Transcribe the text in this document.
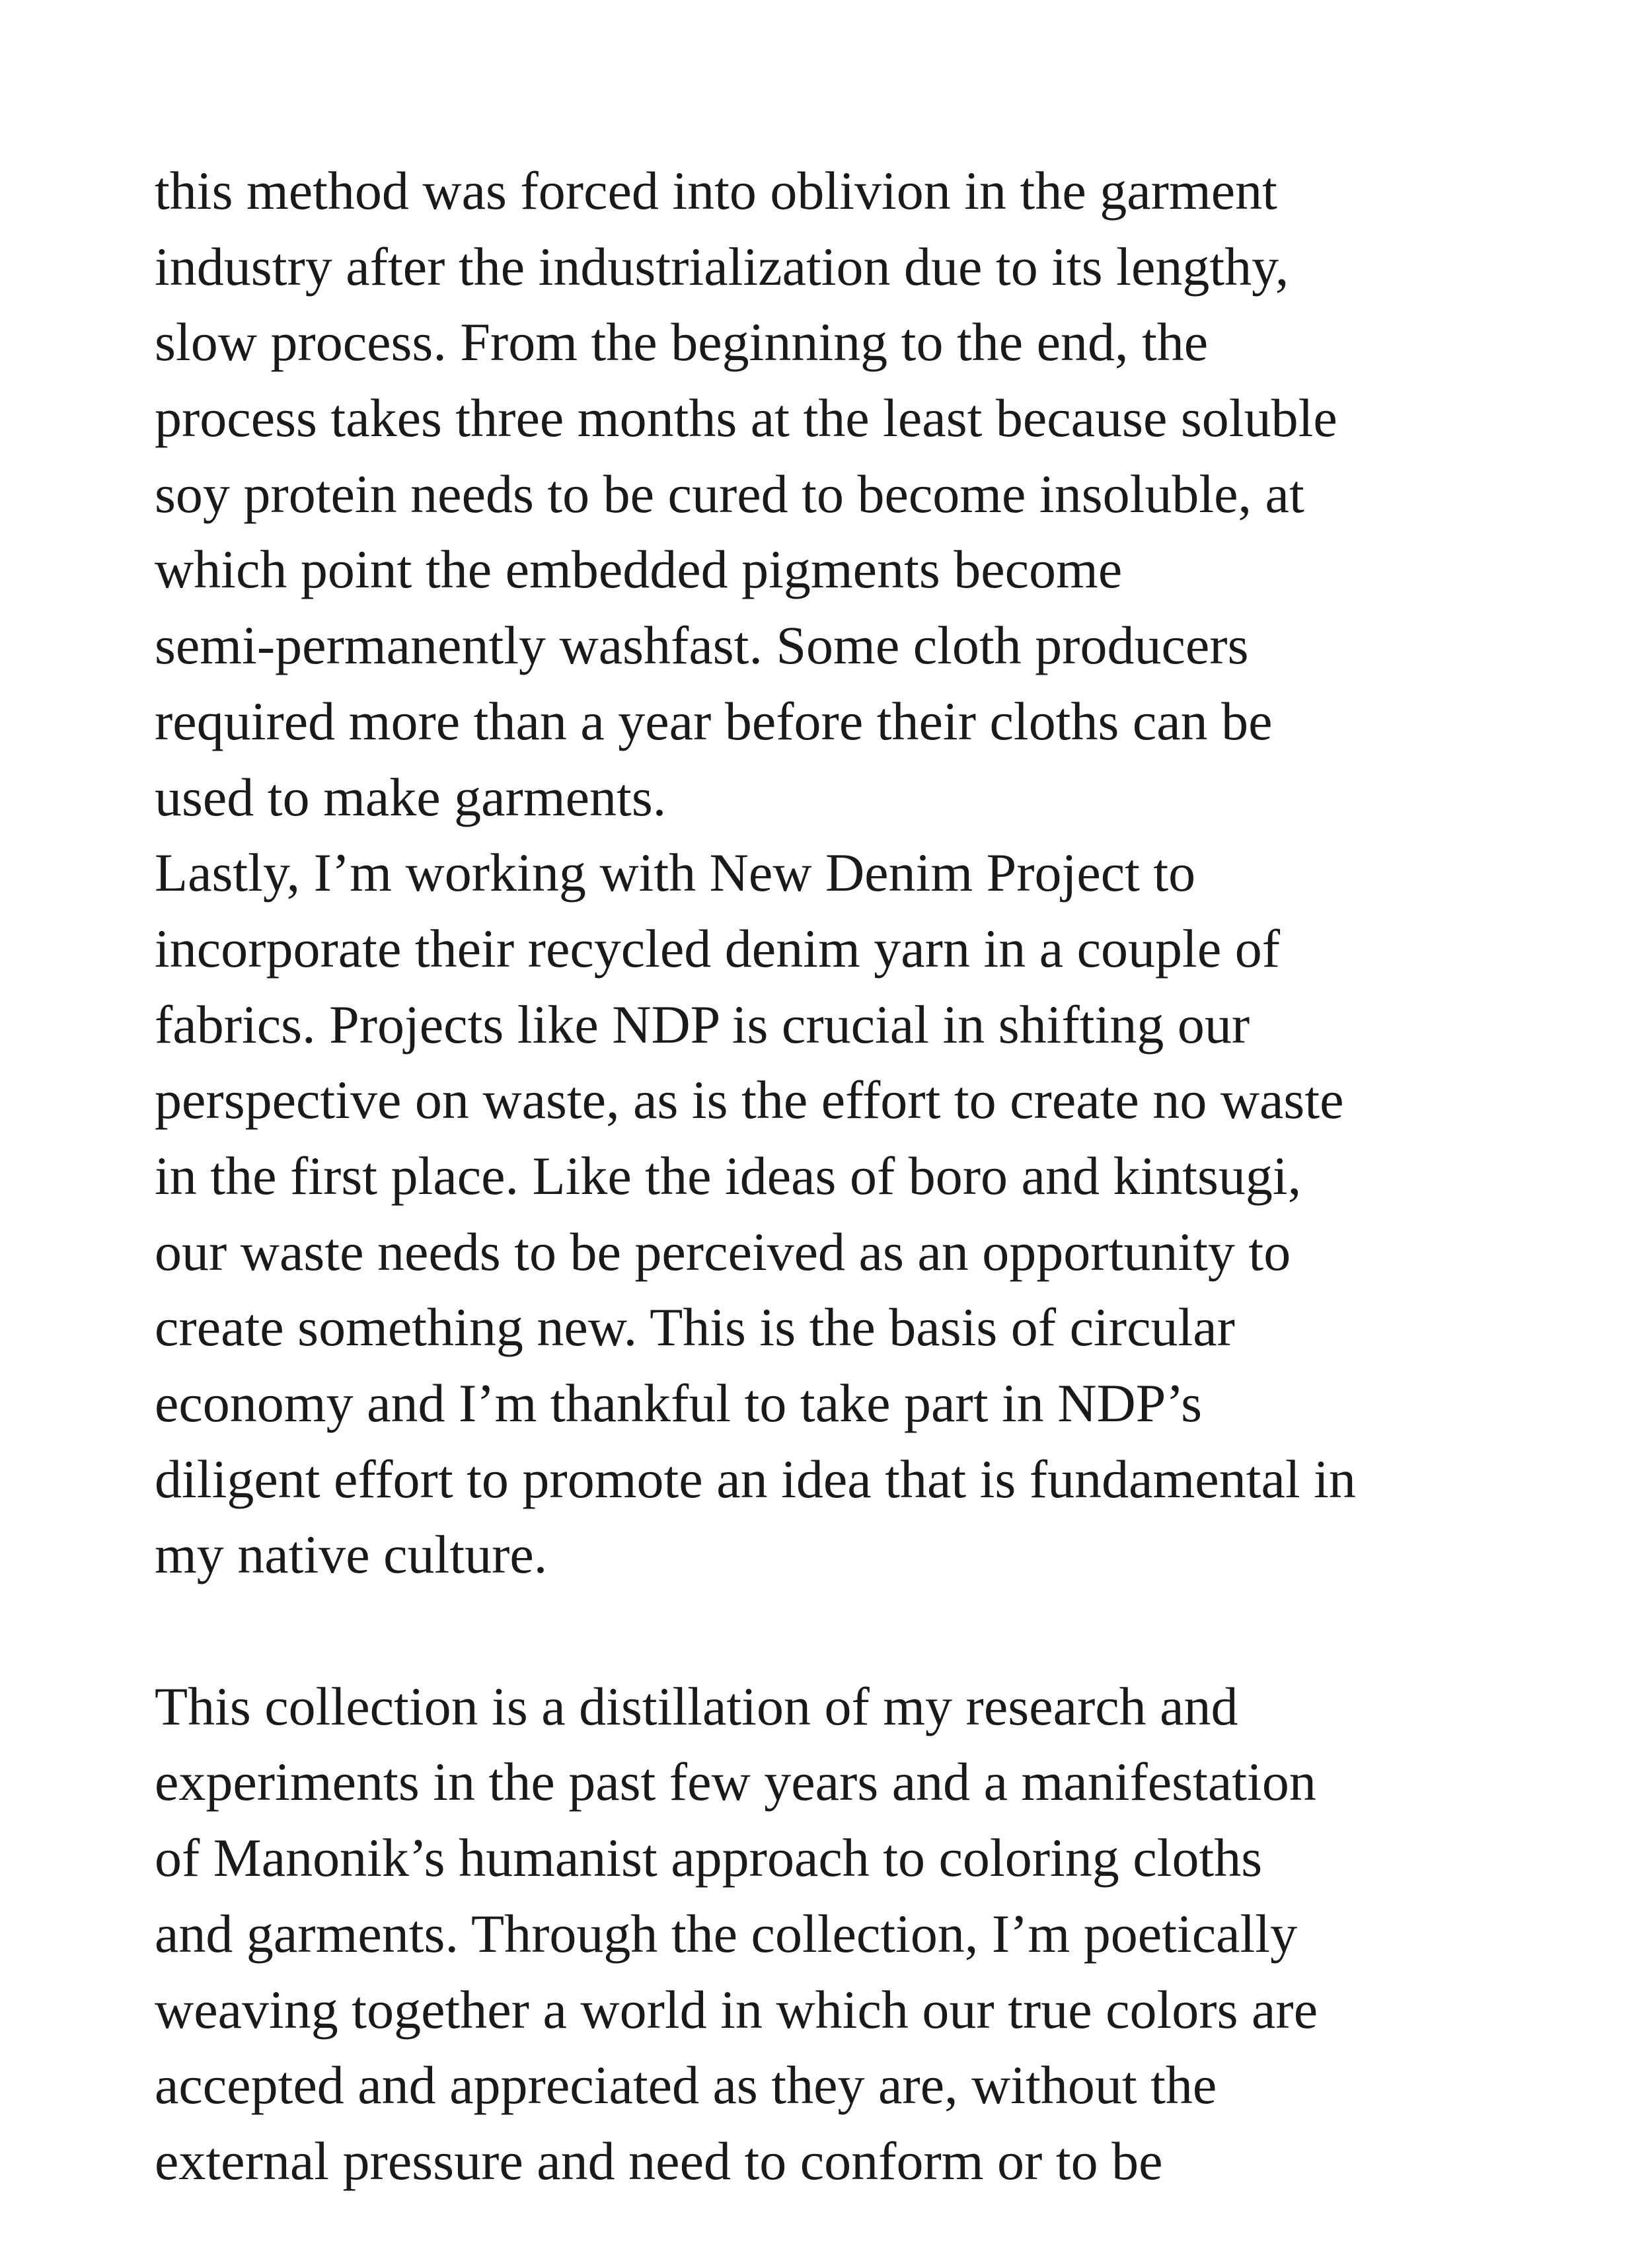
this method was forced into oblivion in the garment
industry after the industrialization due to its lengthy,
slow process. From the beginning to the end, the
process takes three months at the least because soluble
soy protein needs to be cured to become insoluble, at
which point the embedded pigments become
semi-permanently washfast. Some cloth producers
required more than a year before their cloths can be
used to make garments.
Lastly, I’m working with New Denim Project to
incorporate their recycled denim yarn in a couple of
fabrics. Projects like NDP is crucial in shifting our
perspective on waste, as is the effort to create no waste
in the first place. Like the ideas of boro and kintsugi,
our waste needs to be perceived as an opportunity to
create something new. This is the basis of circular
economy and I’m thankful to take part in NDP’s
diligent effort to promote an idea that is fundamental in
my native culture.
This collection is a distillation of my research and
experiments in the past few years and a manifestation
of Manonik’s humanist approach to coloring cloths
and garments. Through the collection, I’m poetically
weaving together a world in which our true colors are
accepted and appreciated as they are, without the
external pressure and need to conform or to be
